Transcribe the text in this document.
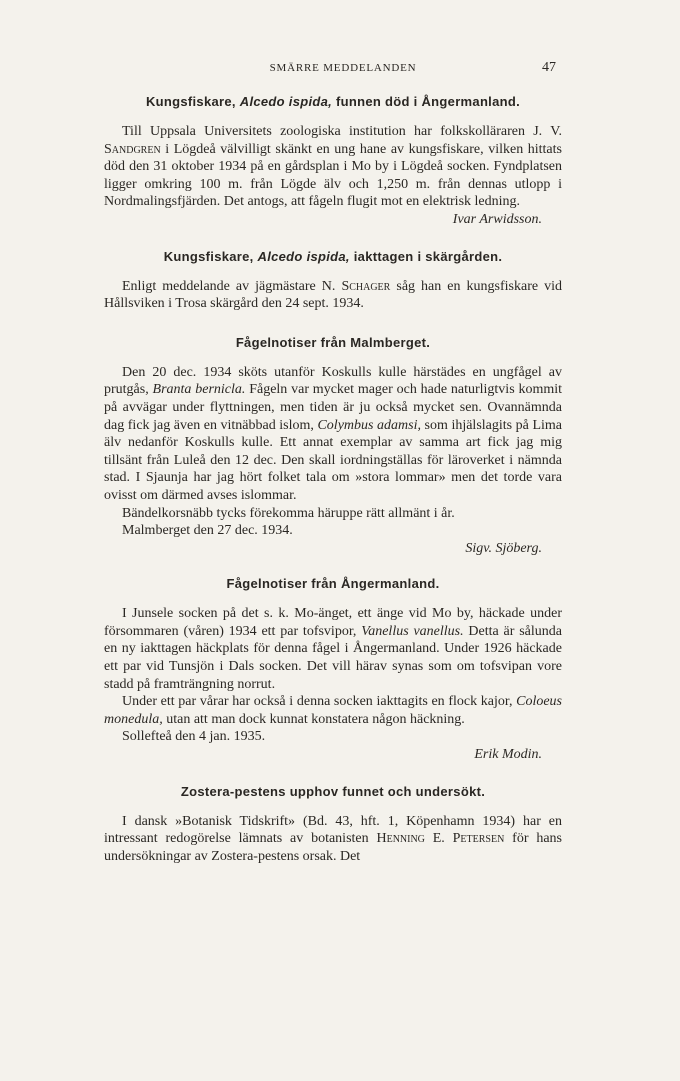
SMÄRRE MEDDELANDEN	47
Kungsfiskare, Alcedo ispida, funnen död i Ångermanland.

Till Uppsala Universitets zoologiska institution har folkskolläraren J. V. Sandgren i Lögdeå välvilligt skänkt en ung hane av kungsfiskare, vilken hittats död den 31 oktober 1934 på en gårdsplan i Mo by i Lögdeå socken. Fyndplatsen ligger omkring 100 m. från Lögde älv och 1,250 m. från dennas utlopp i Nordmalingsfjärden. Det antogs, att fågeln flugit mot en elektrisk ledning.

Ivar Arwidsson.
Kungsfiskare, Alcedo ispida, iakttagen i skärgården.

Enligt meddelande av jägmästare N. Schager såg han en kungsfiskare vid Hållsviken i Trosa skärgård den 24 sept. 1934.

Fågelnotiser från Malmberget.

Den 20 dec. 1934 sköts utanför Koskulls kulle härstädes en ungfågel av prutgås, Branta bernicla. Fågeln var mycket mager och hade naturligtvis kommit på avvägar under flyttningen, men tiden är ju också mycket sen. Ovannämnda dag fick jag även en vitnäbbad islom, Colymbus adamsi, som ihjälslagits på Lima älv nedanför Koskulls kulle. Ett annat exemplar av samma art fick jag mig tillsänt från Luleå den 12 dec. Den skall iordningställas för läroverket i nämnda stad. I Sjaunja har jag hört folket tala om »stora lommar» men det torde vara ovisst om därmed avses islommar.

Bändelkorsnäbb tycks förekomma häruppe rätt allmänt i år.

Malmberget den 27 dec. 1934.

Sigv. Sjöberg.
Fågelnotiser från Ångermanland.

I Junsele socken på det s. k. Mo-änget, ett änge vid Mo by, häckade under försommaren (våren) 1934 ett par tofsvipor, Vanellus vanellus. Detta är sålunda en ny iakttagen häckplats för denna fågel i Ångermanland. Under 1926 häckade ett par vid Tunsjön i Dals socken. Det vill härav synas som om tofsvipan vore stadd på framträngning norrut.

Under ett par vårar har också i denna socken iakttagits en flock kajor, Coloeus monedula, utan att man dock kunnat konstatera någon häckning.

Sollefteå den 4 jan. 1935.

Erik Modin.
Zostera-pestens upphov funnet och undersökt.

I dansk »Botanisk Tidskrift» (Bd. 43, hft. 1, Köpenhamn 1934) har en intressant redogörelse lämnats av botanisten Henning E. Petersen för hans undersökningar av Zostera-pestens orsak. Det
